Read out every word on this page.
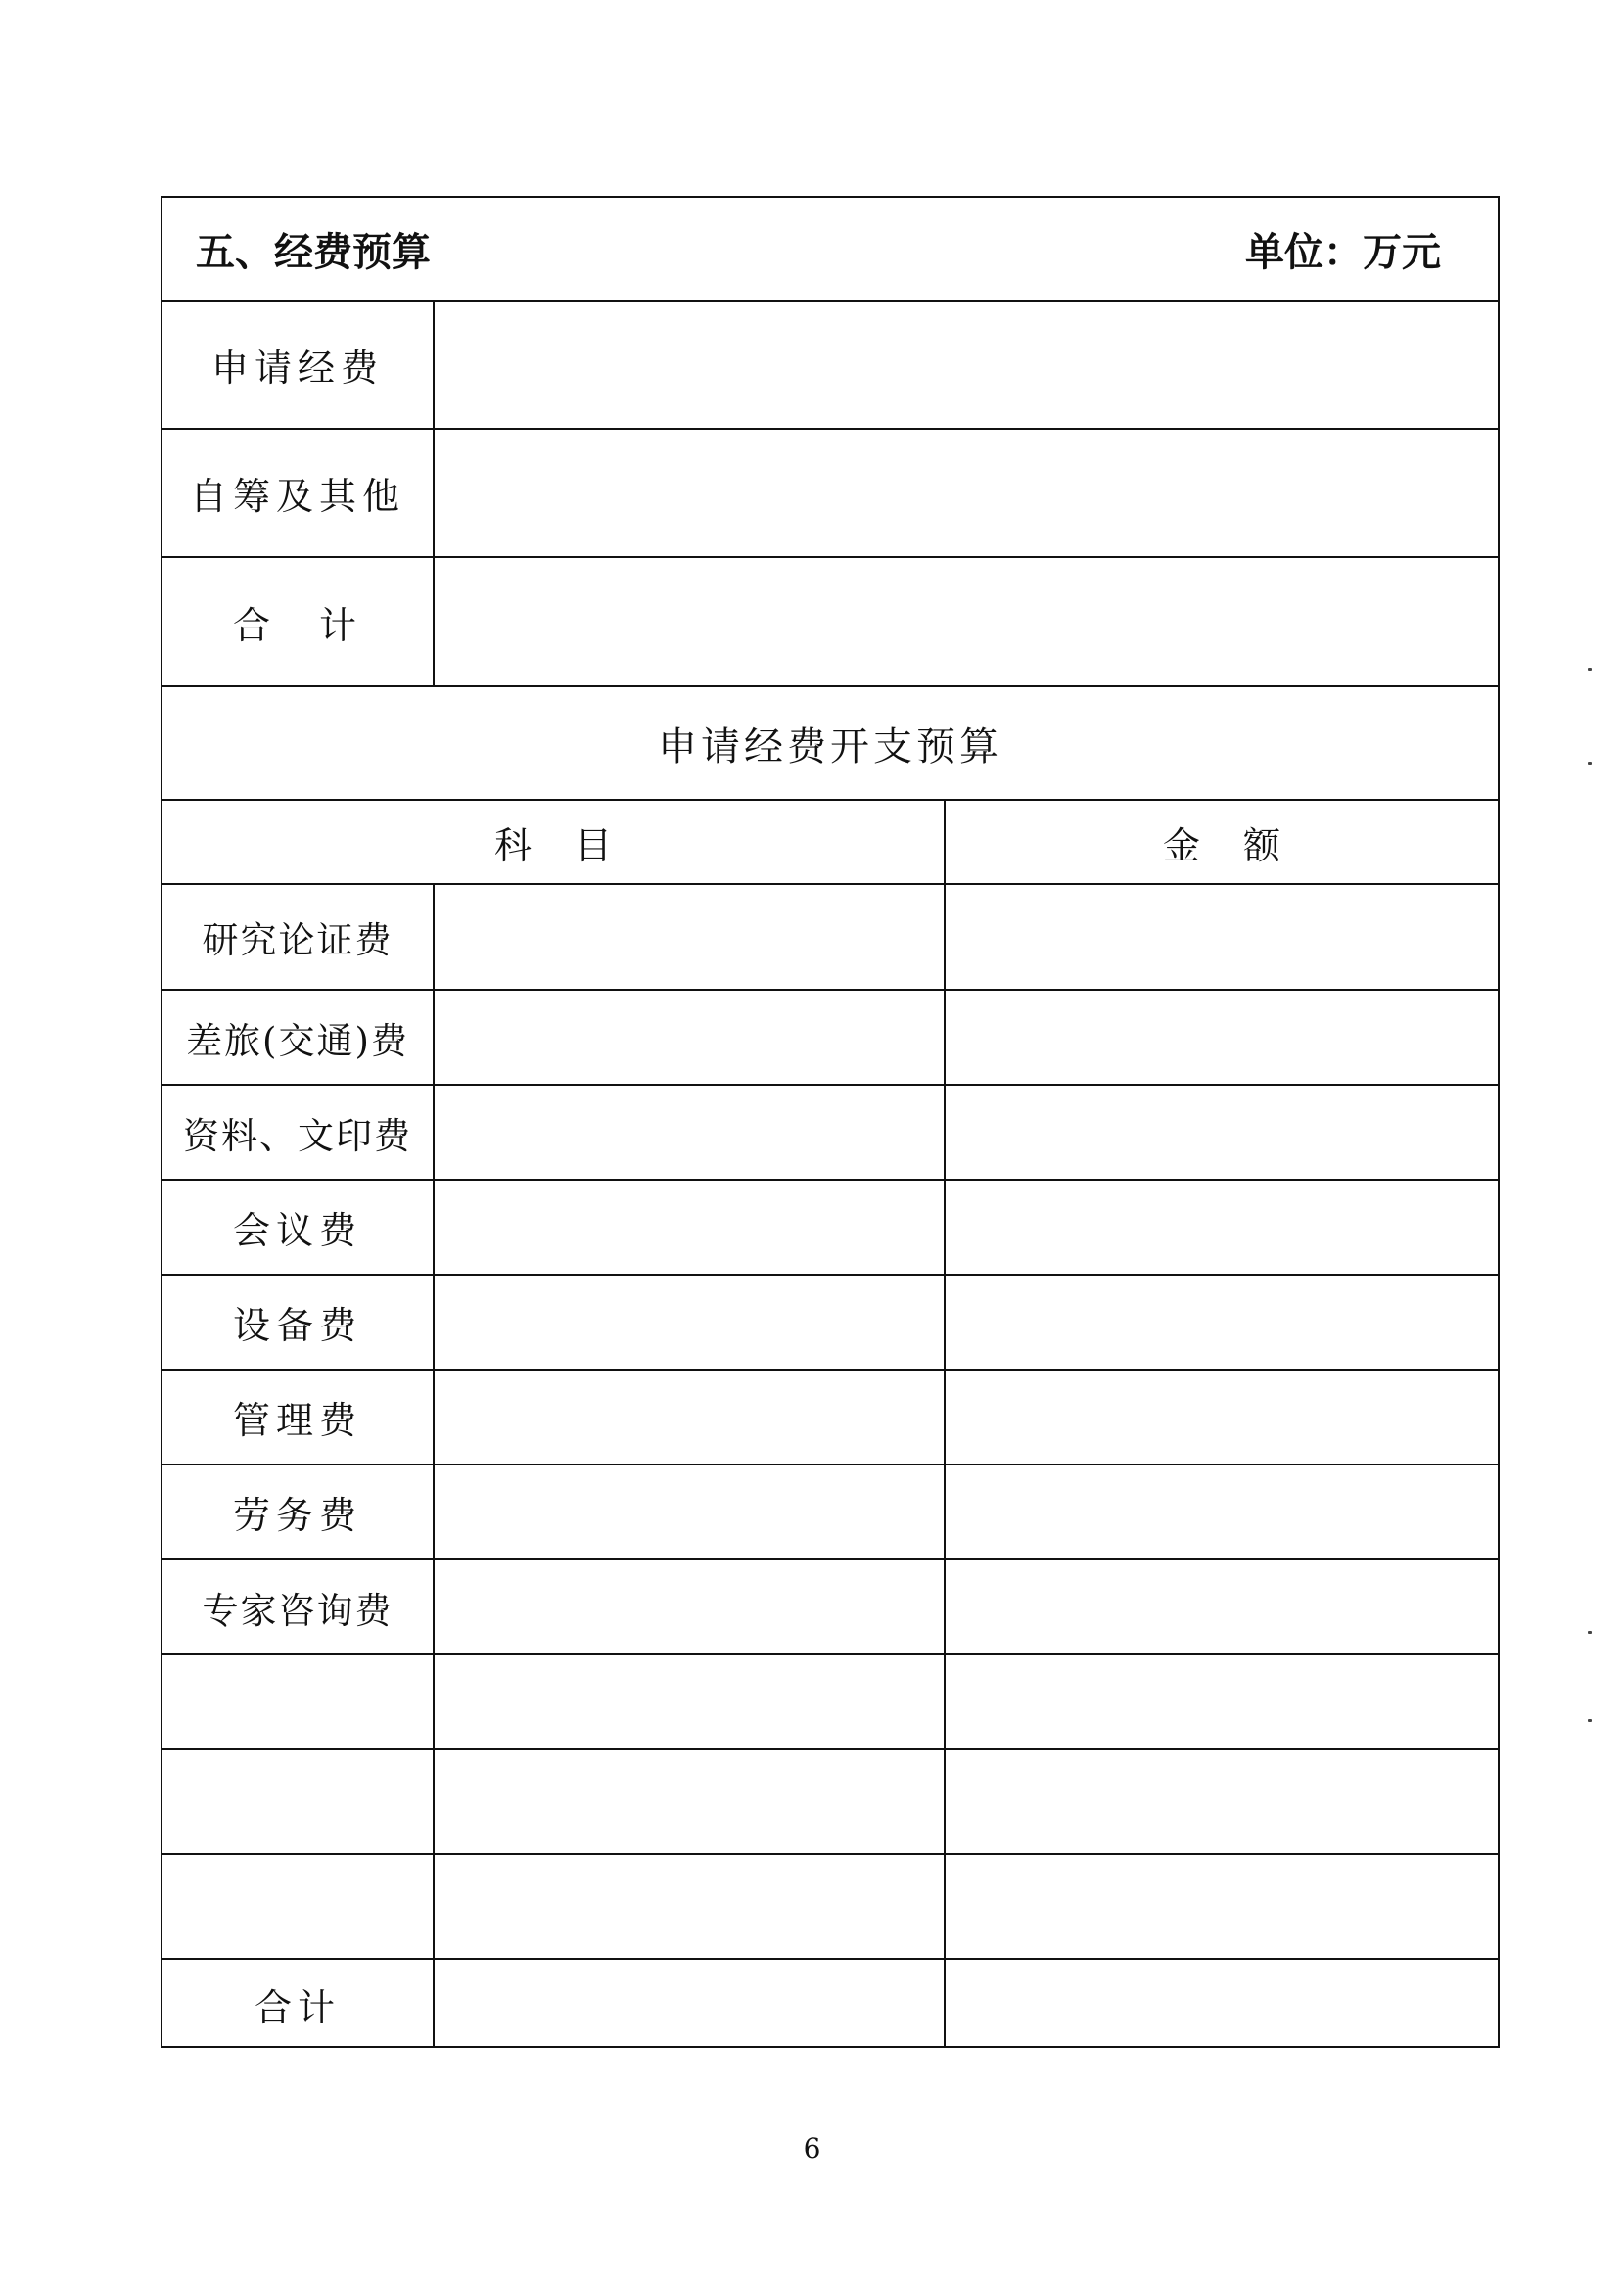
五、经费预算	单位：万元
申请经费
自筹及其他
合　计
申请经费开支预算
科目	金额
研究论证费
差旅(交通)费
资料、文印费
会议费
设备费
管理费
劳务费
专家咨询费
合计
6
